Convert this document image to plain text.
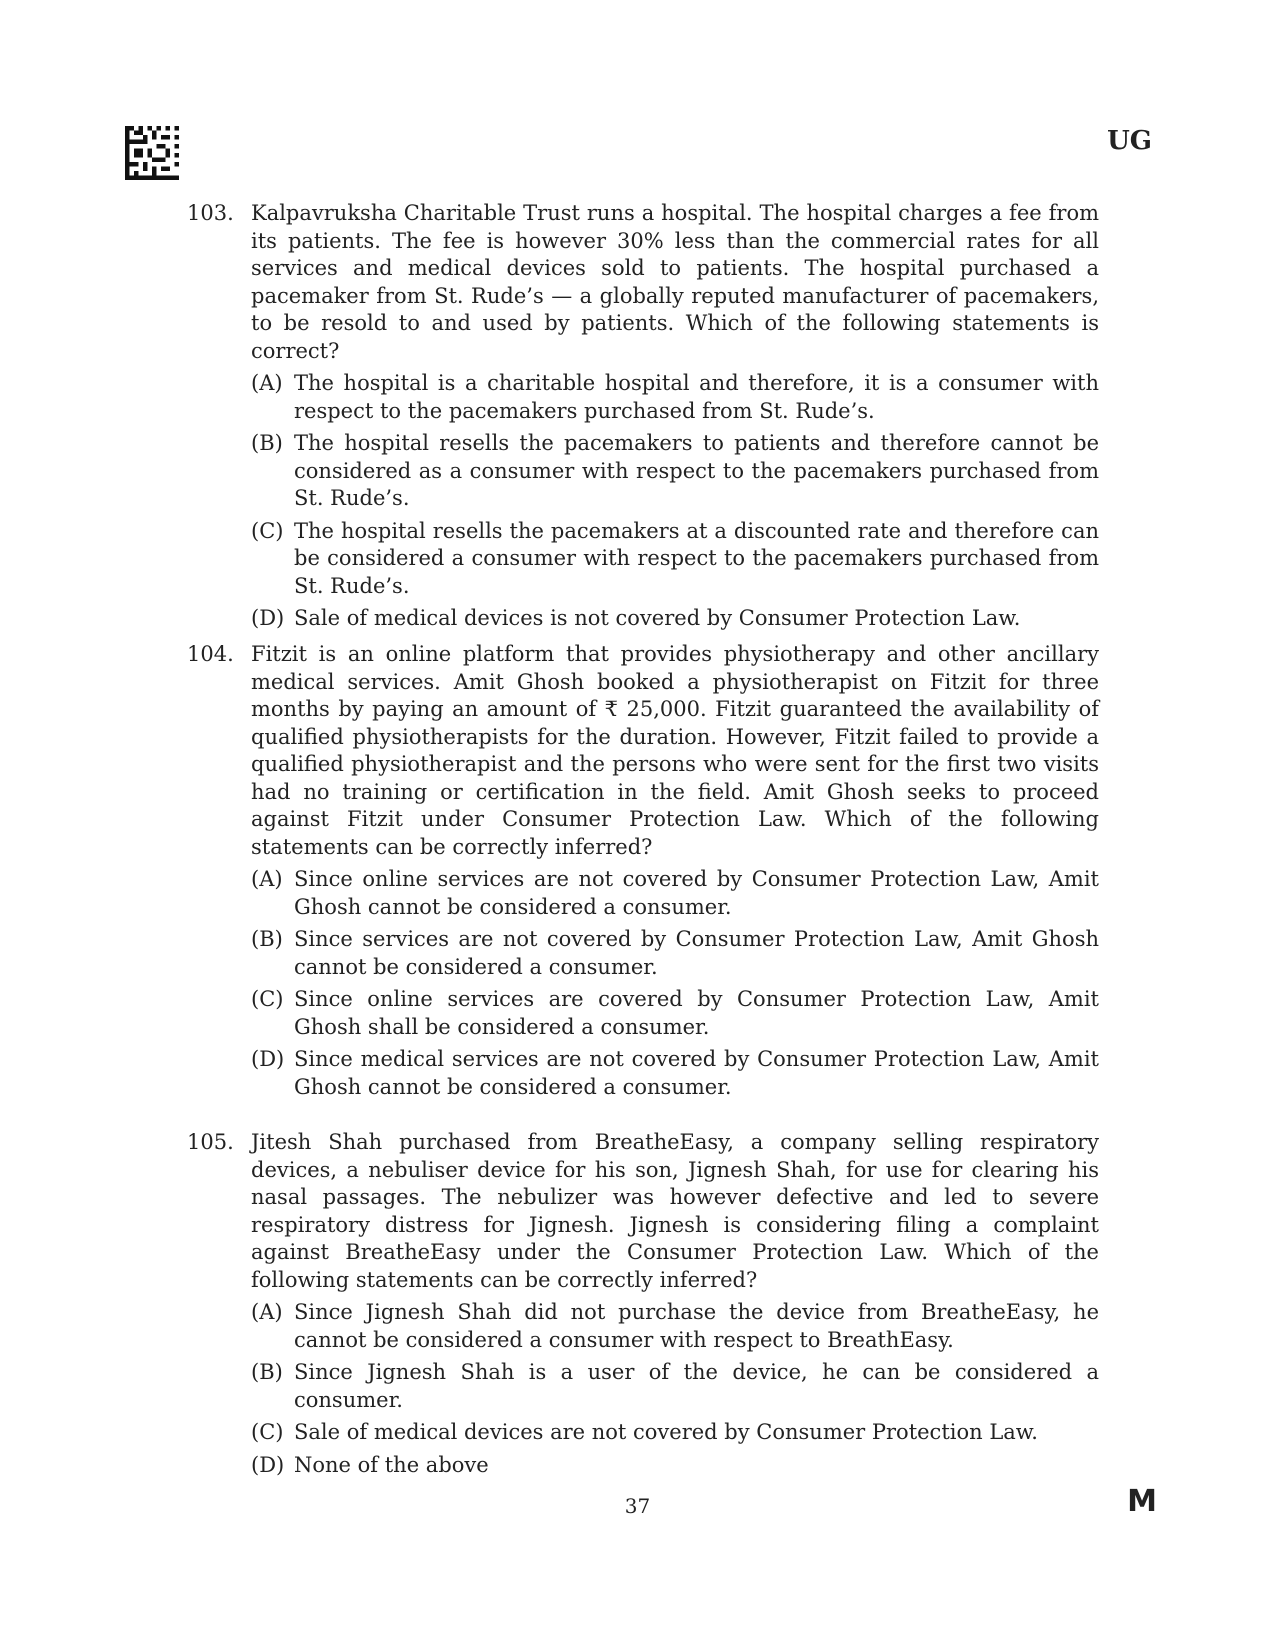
UG
103. Kalpavruksha Charitable Trust runs a hospital. The hospital charges a fee from its patients. The fee is however 30% less than the commercial rates for all services and medical devices sold to patients. The hospital purchased a pacemaker from St. Rude’s — a globally reputed manufacturer of pacemakers, to be resold to and used by patients. Which of the following statements is correct?
(A) The hospital is a charitable hospital and therefore, it is a consumer with respect to the pacemakers purchased from St. Rude’s.
(B) The hospital resells the pacemakers to patients and therefore cannot be considered as a consumer with respect to the pacemakers purchased from St. Rude’s.
(C) The hospital resells the pacemakers at a discounted rate and therefore can be considered a consumer with respect to the pacemakers purchased from St. Rude’s.
(D) Sale of medical devices is not covered by Consumer Protection Law.
104. Fitzit is an online platform that provides physiotherapy and other ancillary medical services. Amit Ghosh booked a physiotherapist on Fitzit for three months by paying an amount of ₹ 25,000. Fitzit guaranteed the availability of qualified physiotherapists for the duration. However, Fitzit failed to provide a qualified physiotherapist and the persons who were sent for the first two visits had no training or certification in the field. Amit Ghosh seeks to proceed against Fitzit under Consumer Protection Law. Which of the following statements can be correctly inferred?
(A) Since online services are not covered by Consumer Protection Law, Amit Ghosh cannot be considered a consumer.
(B) Since services are not covered by Consumer Protection Law, Amit Ghosh cannot be considered a consumer.
(C) Since online services are covered by Consumer Protection Law, Amit Ghosh shall be considered a consumer.
(D) Since medical services are not covered by Consumer Protection Law, Amit Ghosh cannot be considered a consumer.
105. Jitesh Shah purchased from BreatheEasy, a company selling respiratory devices, a nebuliser device for his son, Jignesh Shah, for use for clearing his nasal passages. The nebulizer was however defective and led to severe respiratory distress for Jignesh. Jignesh is considering filing a complaint against BreatheEasy under the Consumer Protection Law. Which of the following statements can be correctly inferred?
(A) Since Jignesh Shah did not purchase the device from BreatheEasy, he cannot be considered a consumer with respect to BreathEasy.
(B) Since Jignesh Shah is a user of the device, he can be considered a consumer.
(C) Sale of medical devices are not covered by Consumer Protection Law.
(D) None of the above
37	M
